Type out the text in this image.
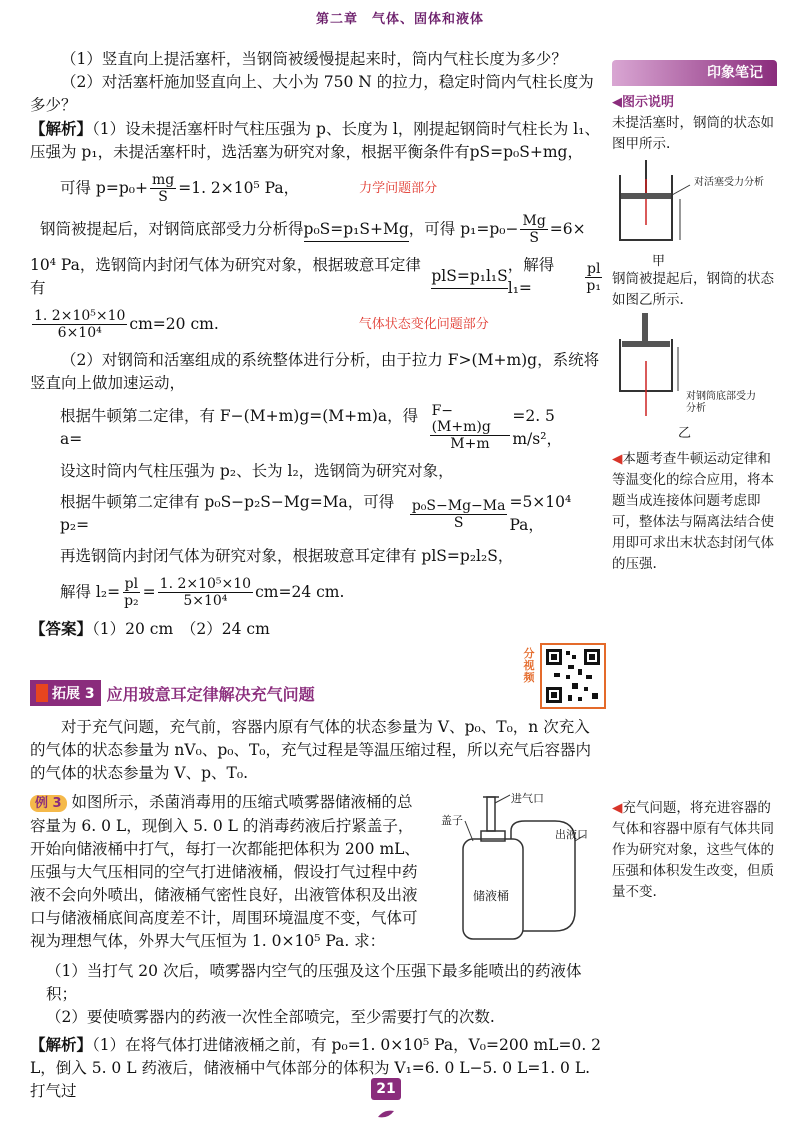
第二章　气体、固体和液体

（1）竖直向上提活塞杆，当钢筒被缓慢提起来时，筒内气柱长度为多少？

（2）对活塞杆施加竖直向上、大小为 750 N 的拉力，稳定时筒内气柱长度为多少？

【解析】（1）设未提活塞杆时气柱压强为 p、长度为 l，刚提起钢筒时气柱长为 l₁、压强为 p₁，未提活塞杆时，选活塞为研究对象，根据平衡条件有pS=p₀S+mg，

可得 $p=p_0+ \frac{mg}{S} =1$. 2×10⁵ Pa，	力学问题部分
钢筒被提起后，对钢筒底部受力分析得 p₀S=p₁S+Mg ，可得 $p_1=p_0- \frac{Mg}{S} =6\times$
10⁴ Pa，选钢筒内封闭气体为研究对象，根据玻意耳定律有
plS=p₁l₁S
，解得 l₁=	$\frac{pl}{\text{p₁}}$
$\frac{\text{1. 2×10⁵×10}}{\text{6×10⁴}} cm=20$ cm.	气体状态变化问题部分

（2）对钢筒和活塞组成的系统整体进行分析，由于拉力 F>(M+m)g，系统将竖直向上做加速运动，

根据牛顿第二定律，有 F−(M+m)g=(M+m)a，得 a=	$\frac{F-(M+m)g}{M+m} =2$. 5 m/s²，

设这时筒内气柱压强为 p₂、长为 l₂，选钢筒为研究对象，

根据牛顿第二定律有 p₀S−p₂S−Mg=Ma，可得 p₂=	$\frac{\text{p₀S−Mg−Ma}}{S} =5\times 10^4$ Pa，

再选钢筒内封闭气体为研究对象，根据玻意耳定律有 plS=p₂l₂S，

解得 $l_2= \frac{pl}{\text{p₂}} = \frac{\text{1. 2×10⁵×10}}{\text{5×10⁴}} cm=24$ cm.

【答案】（1）20 cm　（2）24 cm

分视频
拓展 3 应用玻意耳定律解决充气问题

对于充气问题，充气前，容器内原有气体的状态参量为 V、p₀、T₀，n 次充入的气体的状态参量为 nV₀、p₀、T₀，充气过程是等温压缩过程，所以充气后容器内的气体的状态参量为 V、p、T₀.

例 3 如图所示，杀菌消毒用的压缩式喷雾器储液桶的总容量为 6. 0 L，现倒入 5. 0 L 的消毒药液后拧紧盖子，开始向储液桶中打气，每打一次都能把体积为 200 mL、压强与大气压相同的空气打进储液桶，假设打气过程中药液不会向外喷出，储液桶气密性良好，出液管体积及出液口与储液桶底间高度差不计，周围环境温度不变，气体可视为理想气体，外界大气压恒为 1. 0×10⁵ Pa. 求：
盖子
进气口
出液口
储液桶

（1）当打气 20 次后，喷雾器内空气的压强及这个压强下最多能喷出的药液体积；

（2）要使喷雾器内的药液一次性全部喷完，至少需要打气的次数.

【解析】（1）在将气体打进储液桶之前，有 p₀=1. 0×10⁵ Pa，V₀=200 mL=0. 2 L，倒入 5. 0 L 药液后，储液桶中气体部分的体积为 V₁=6. 0 L−5. 0 L=1. 0 L. 打气过

印象笔记
◀图示说明
未提活塞时，钢筒的状态如图甲所示.
对活塞受力分析
甲
钢筒被提起后，钢筒的状态如图乙所示.
对钢筒底部受力分析
乙
◀本题考查牛顿运动定律和等温变化的综合应用，将本题当成连接体问题考虑即可，整体法与隔离法结合使用即可求出末状态封闭气体的压强.
◀充气问题，将充进容器的气体和容器中原有气体共同作为研究对象，这些气体的压强和体积发生改变，但质量不变.
21
